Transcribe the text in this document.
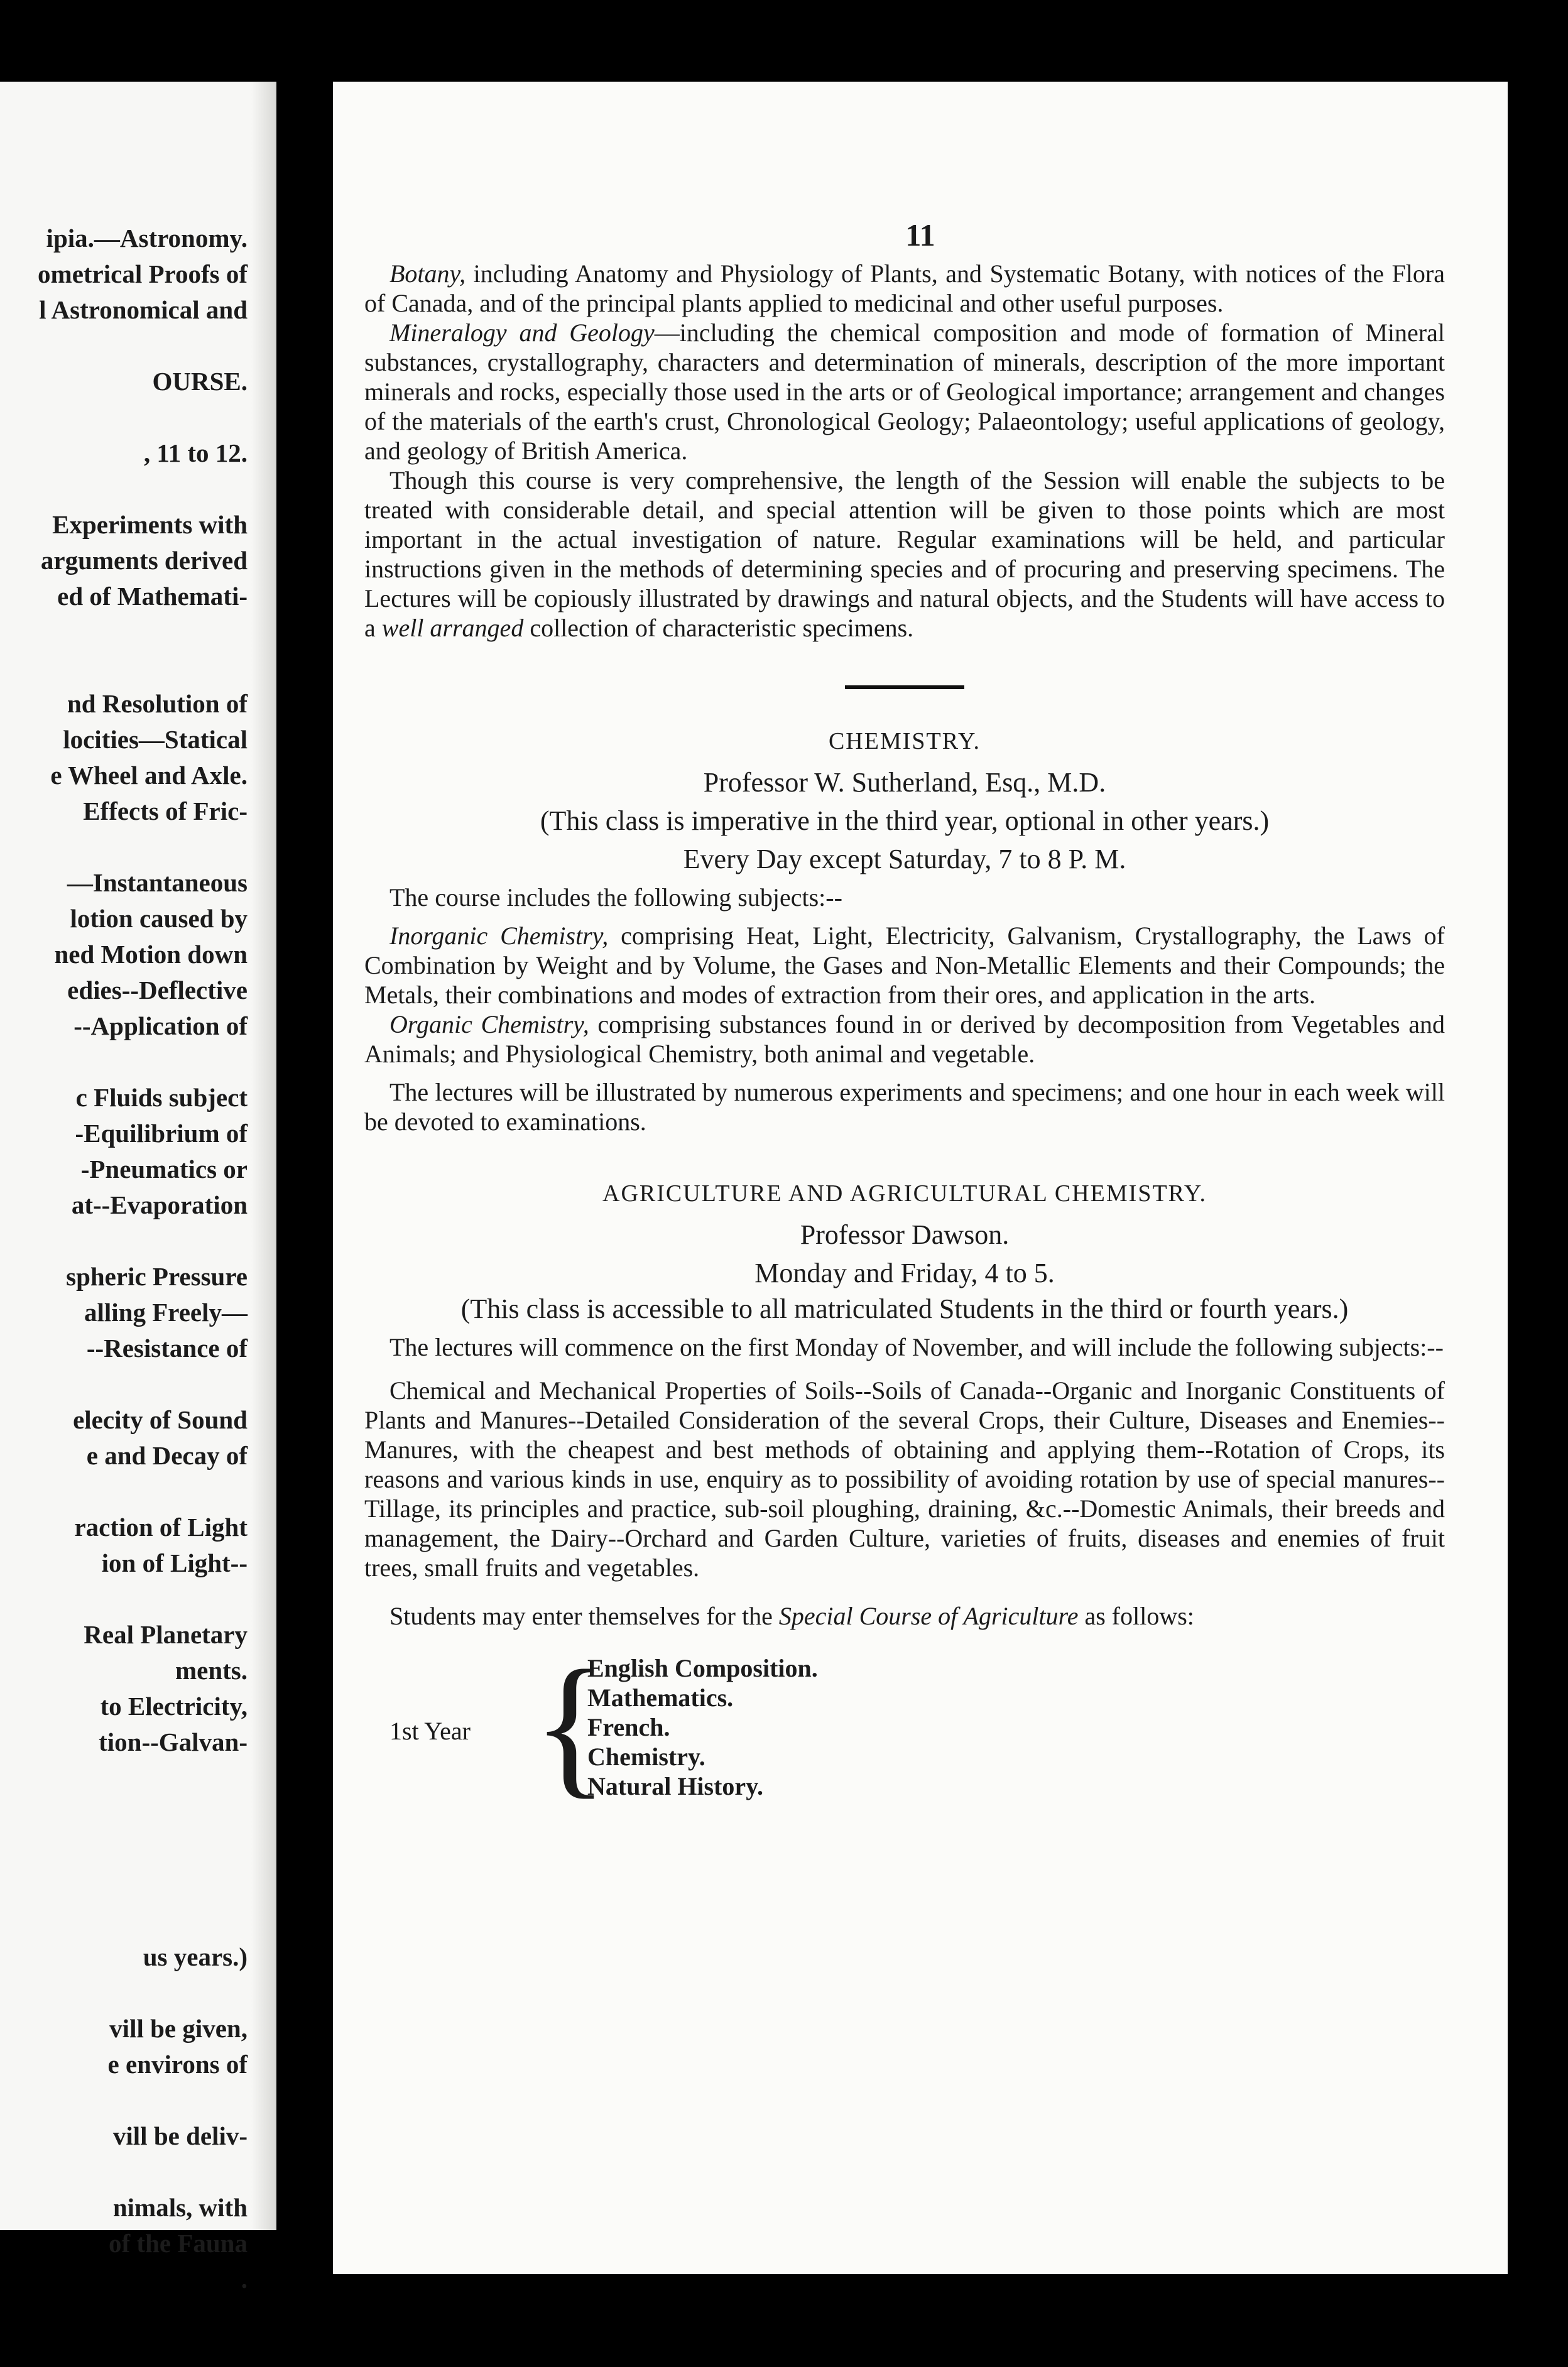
ipia.—Astronomy.
ometrical Proofs of
l Astronomical and
OURSE.
, 11 to 12.
Experiments with
arguments derived
ed of Mathemati-
nd Resolution of
locities—Statical
e Wheel and Axle.
Effects of Fric-
—Instantaneous
lotion caused by
ned Motion down
edies--Deflective
--Application of
c Fluids subject
-Equilibrium of
-Pneumatics or
at--Evaporation
spheric Pressure
alling Freely—
--Resistance of
elecity of Sound
e and Decay of
raction of Light
ion of Light--
Real Planetary
ments.
to Electricity,
tion--Galvan-
us years.)
vill be given,
e environs of
vill be deliv-
nimals, with
of the Fauna
.
11

Botany, including Anatomy and Physiology of Plants, and Systematic Botany, with notices of the Flora of Canada, and of the principal plants applied to medicinal and other useful purposes.

Mineralogy and Geology—including the chemical composition and mode of formation of Mineral substances, crystallography, characters and determination of minerals, description of the more important minerals and rocks, especially those used in the arts or of Geological importance; arrangement and changes of the materials of the earth's crust, Chronological Geology; Palaeontology; useful applications of geology, and geology of British America.

Though this course is very comprehensive, the length of the Session will enable the subjects to be treated with considerable detail, and special attention will be given to those points which are most important in the actual investigation of nature. Regular examinations will be held, and particular instructions given in the methods of determining species and of procuring and preserving specimens. The Lectures will be copiously illustrated by drawings and natural objects, and the Students will have access to a well arranged collection of characteristic specimens.

CHEMISTRY.
Professor W. Sutherland, Esq., M.D.
(This class is imperative in the third year, optional in other years.)
Every Day except Saturday, 7 to 8 P. M.

The course includes the following subjects:--

Inorganic Chemistry, comprising Heat, Light, Electricity, Galvanism, Crystallography, the Laws of Combination by Weight and by Volume, the Gases and Non-Metallic Elements and their Compounds; the Metals, their combinations and modes of extraction from their ores, and application in the arts.

Organic Chemistry, comprising substances found in or derived by decomposition from Vegetables and Animals; and Physiological Chemistry, both animal and vegetable.

The lectures will be illustrated by numerous experiments and specimens; and one hour in each week will be devoted to examinations.

AGRICULTURE AND AGRICULTURAL CHEMISTRY.
Professor Dawson.
Monday and Friday, 4 to 5.
(This class is accessible to all matriculated Students in the third or fourth years.)

The lectures will commence on the first Monday of November, and will include the following subjects:--

Chemical and Mechanical Properties of Soils--Soils of Canada--Organic and Inorganic Constituents of Plants and Manures--Detailed Consideration of the several Crops, their Culture, Diseases and Enemies--Manures, with the cheapest and best methods of obtaining and applying them--Rotation of Crops, its reasons and various kinds in use, enquiry as to possibility of avoiding rotation by use of special manures--Tillage, its principles and practice, sub-soil ploughing, draining, &c.--Domestic Animals, their breeds and management, the Dairy--Orchard and Garden Culture, varieties of fruits, diseases and enemies of fruit trees, small fruits and vegetables.

Students may enter themselves for the Special Course of Agriculture as follows:

1st Year {
English Composition.
Mathematics.
French.
Chemistry.
Natural History.
